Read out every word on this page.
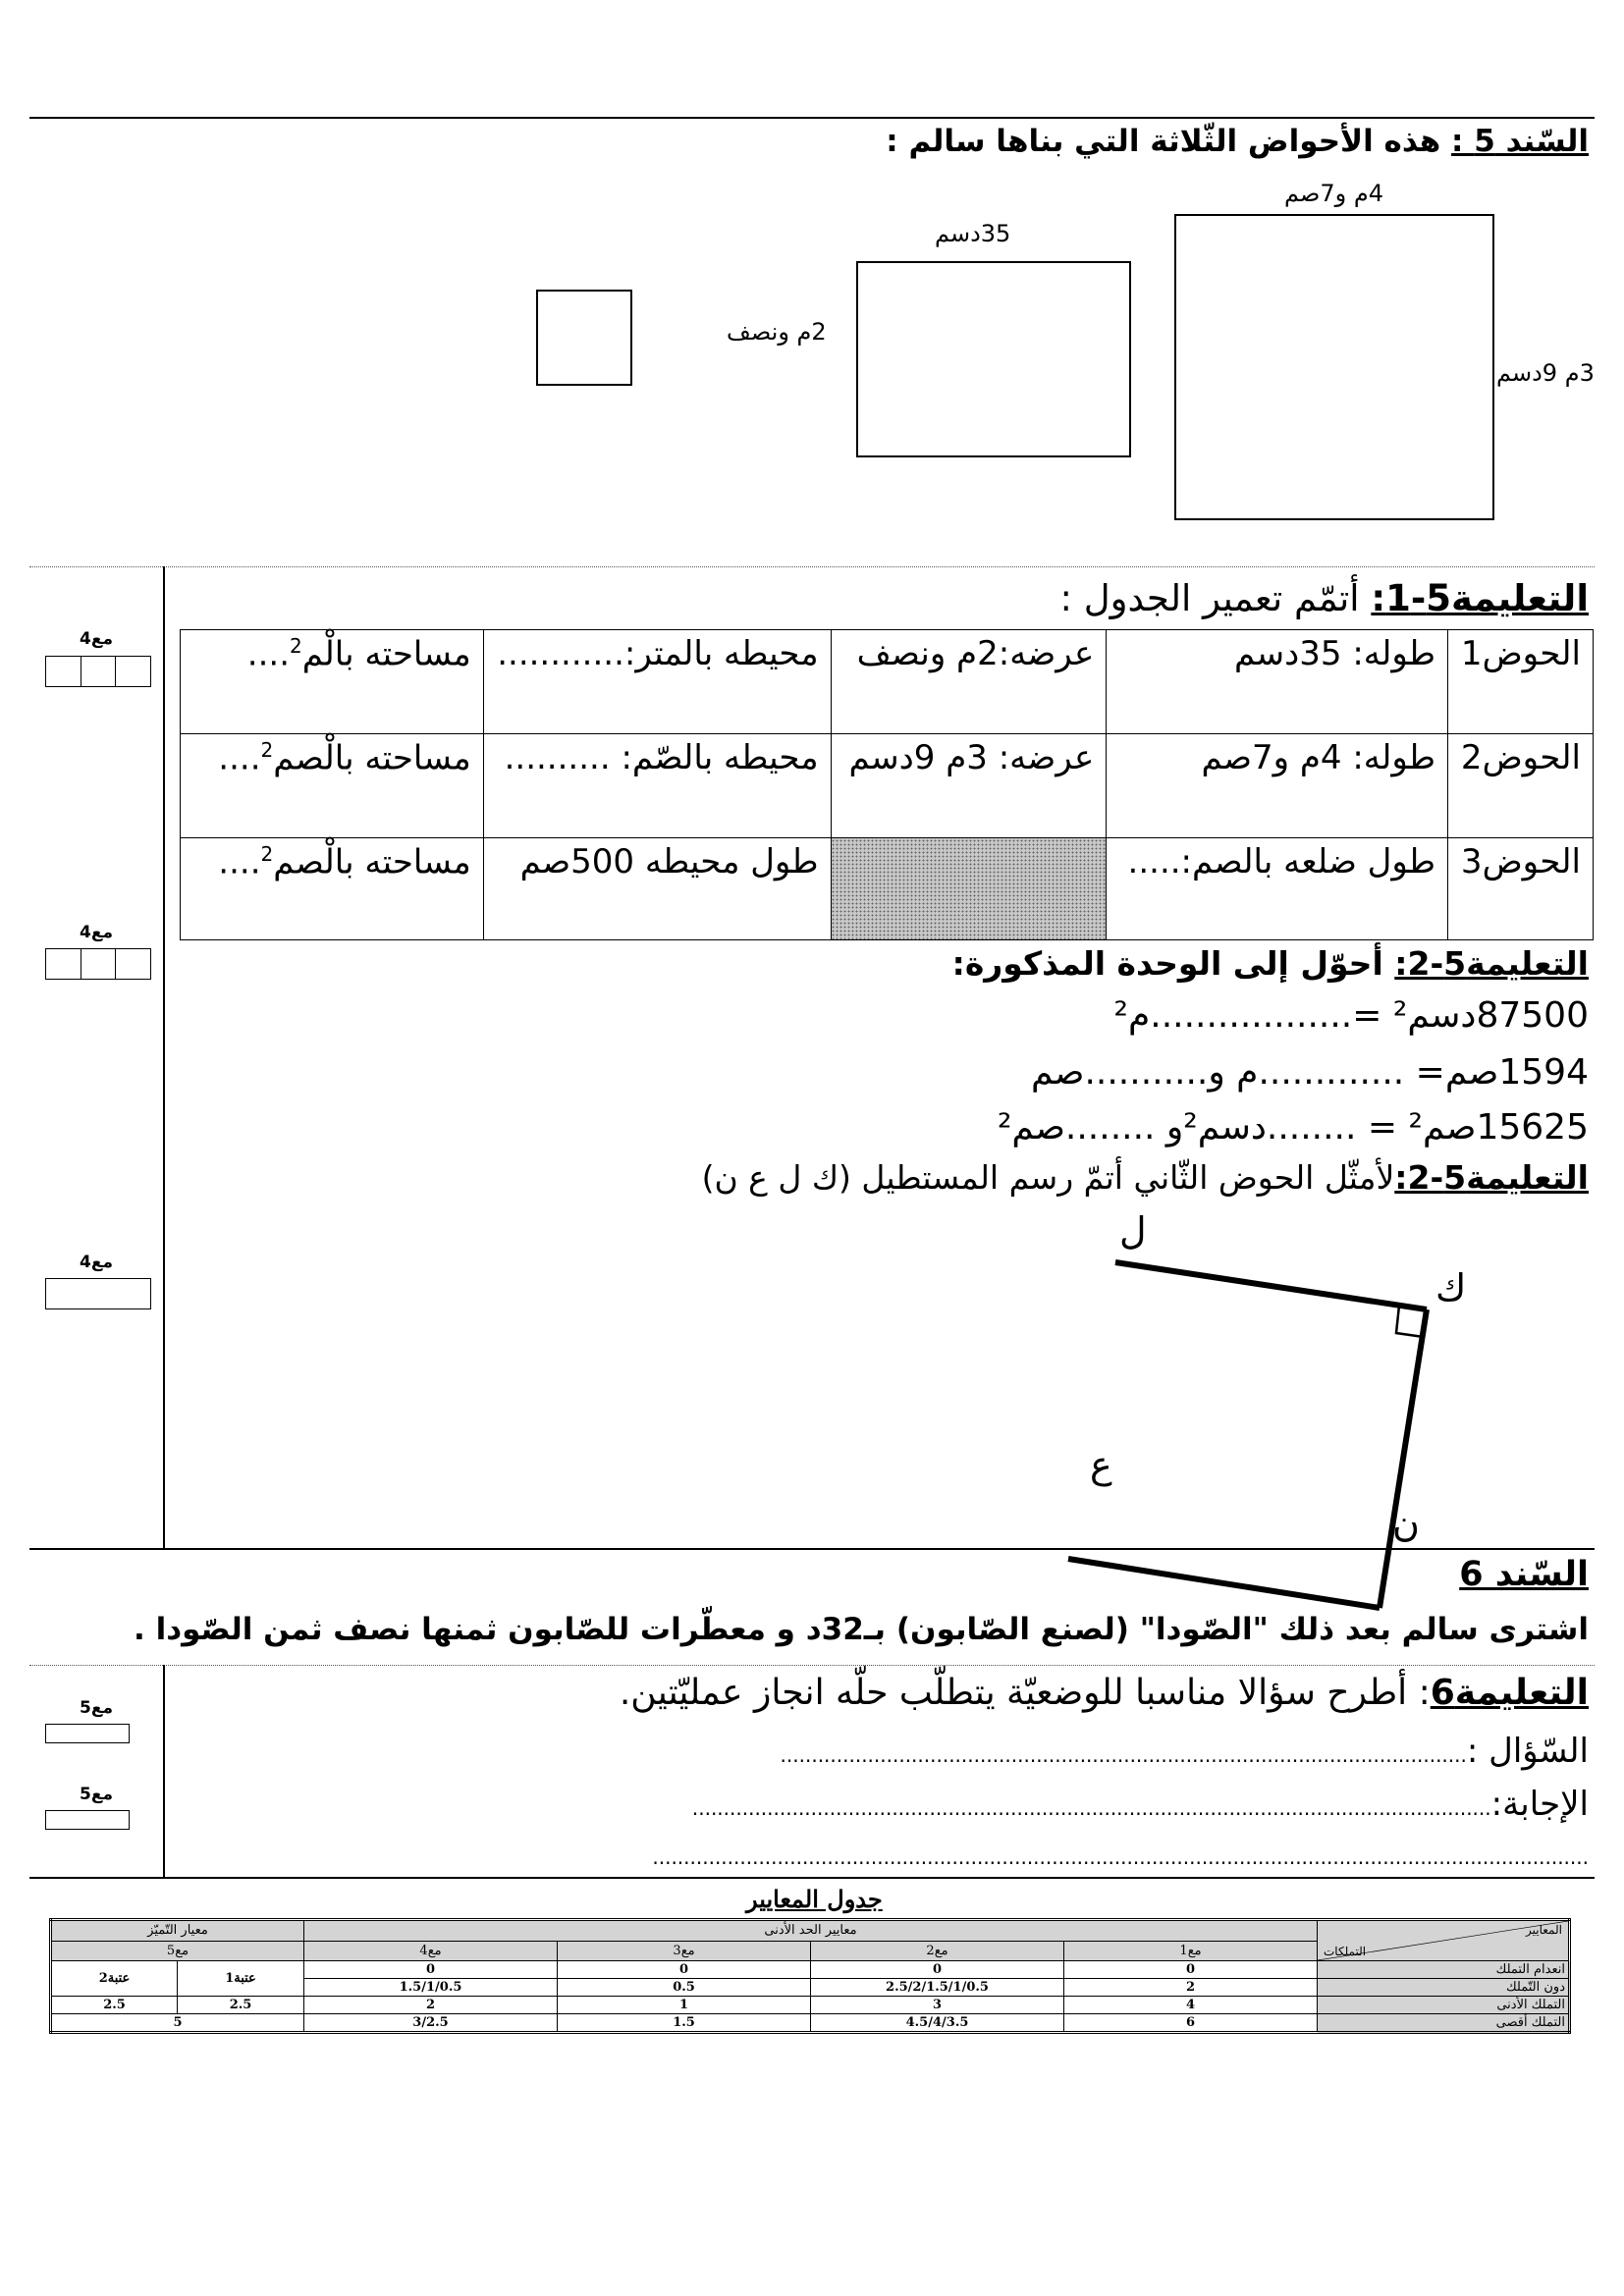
السّند 5 : هذه الأحواض الثّلاثة التي بناها سالم :
4م و7صم
3م 9دسم
35دسم
2م ونصف
مع4
مع4
مع4
التعليمة5-1: أتمّم تعمير الجدول :
الحوض1	طوله: 35دسم	عرضه:2م ونصف	محيطه بالمتر:............	مساحته بالْم$^2$....
الحوض2	طوله: 4م و7صم	عرضه: 3م 9دسم	محيطه بالصّم: ..........	مساحته بالْصم$^2$....
الحوض3	طول ضلعه بالصم:.....		طول محيطه 500صم	مساحته بالْصم$^2$....
التعليمة5-2: أحوّل إلى الوحدة المذكورة:
87500دسم² =..................م²
1594صم= .............م و...........صم
15625صم² = ........دسم²و ........صم²
التعليمة5-2:لأمثّل الحوض الثّاني أتمّ رسم المستطيل (ك ل ع ن)
ل
ك
ع
ن
السّند 6
اشترى سالم بعد ذلك "الصّودا" (لصنع الصّابون) بـ32د و معطّرات للصّابون ثمنها نصف ثمن الصّودا .
مع5
مع5
التعليمة6: أطرح سؤالا مناسبا للوضعيّة يتطلّب حلّه انجاز عمليّتين.
السّؤال :..............................................................................................................
الإجابة:................................................................................................................................
......................................................................................................................................................
جدول المعايير
المعايير
التملكات	معايير الحد الأدنى				معيار التّميّز	
	مع1	مع2	مع3	مع4	مع5	
انعدام التملك	0	0	0	0	عتبة1	عتبة2
دون التّملك	2	2.5/2/1.5/1/0.5	0.5	1.5/1/0.5		
التملك الأدنى	4	3	1	2	2.5	2.5
التملك أقصى	6	4.5/4/3.5	1.5	3/2.5	5	
